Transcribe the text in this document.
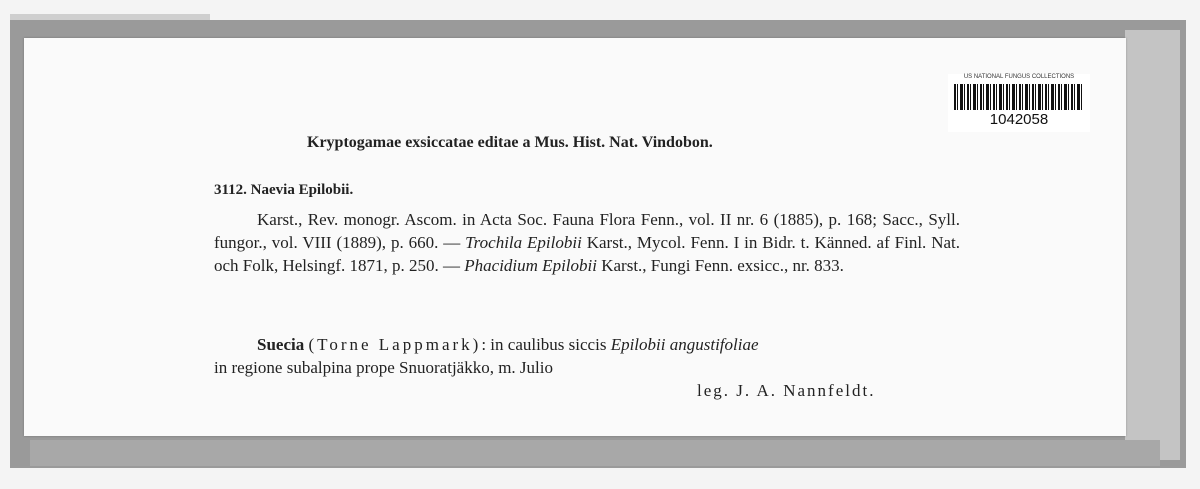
US NATIONAL FUNGUS COLLECTIONS
1042058
Kryptogamae exsiccatae editae a Mus. Hist. Nat. Vindobon.
3112. Naevia Epilobii.
Karst., Rev. monogr. Ascom. in Acta Soc. Fauna Flora Fenn., vol. II nr. 6 (1885), p. 168; Sacc., Syll. fungor., vol. VIII (1889), p. 660. — Trochila Epilobii Karst., Mycol. Fenn. I in Bidr. t. Känned. af Finl. Nat. och Folk, Helsingf. 1871, p. 250. — Phacidium Epilobii Karst., Fungi Fenn. exsicc., nr. 833.
Suecia (Torne Lappmark): in caulibus siccis Epilobii angustifoliae
in regione subalpina prope Snuoratjäkko, m. Julio
leg. J. A. Nannfeldt.
